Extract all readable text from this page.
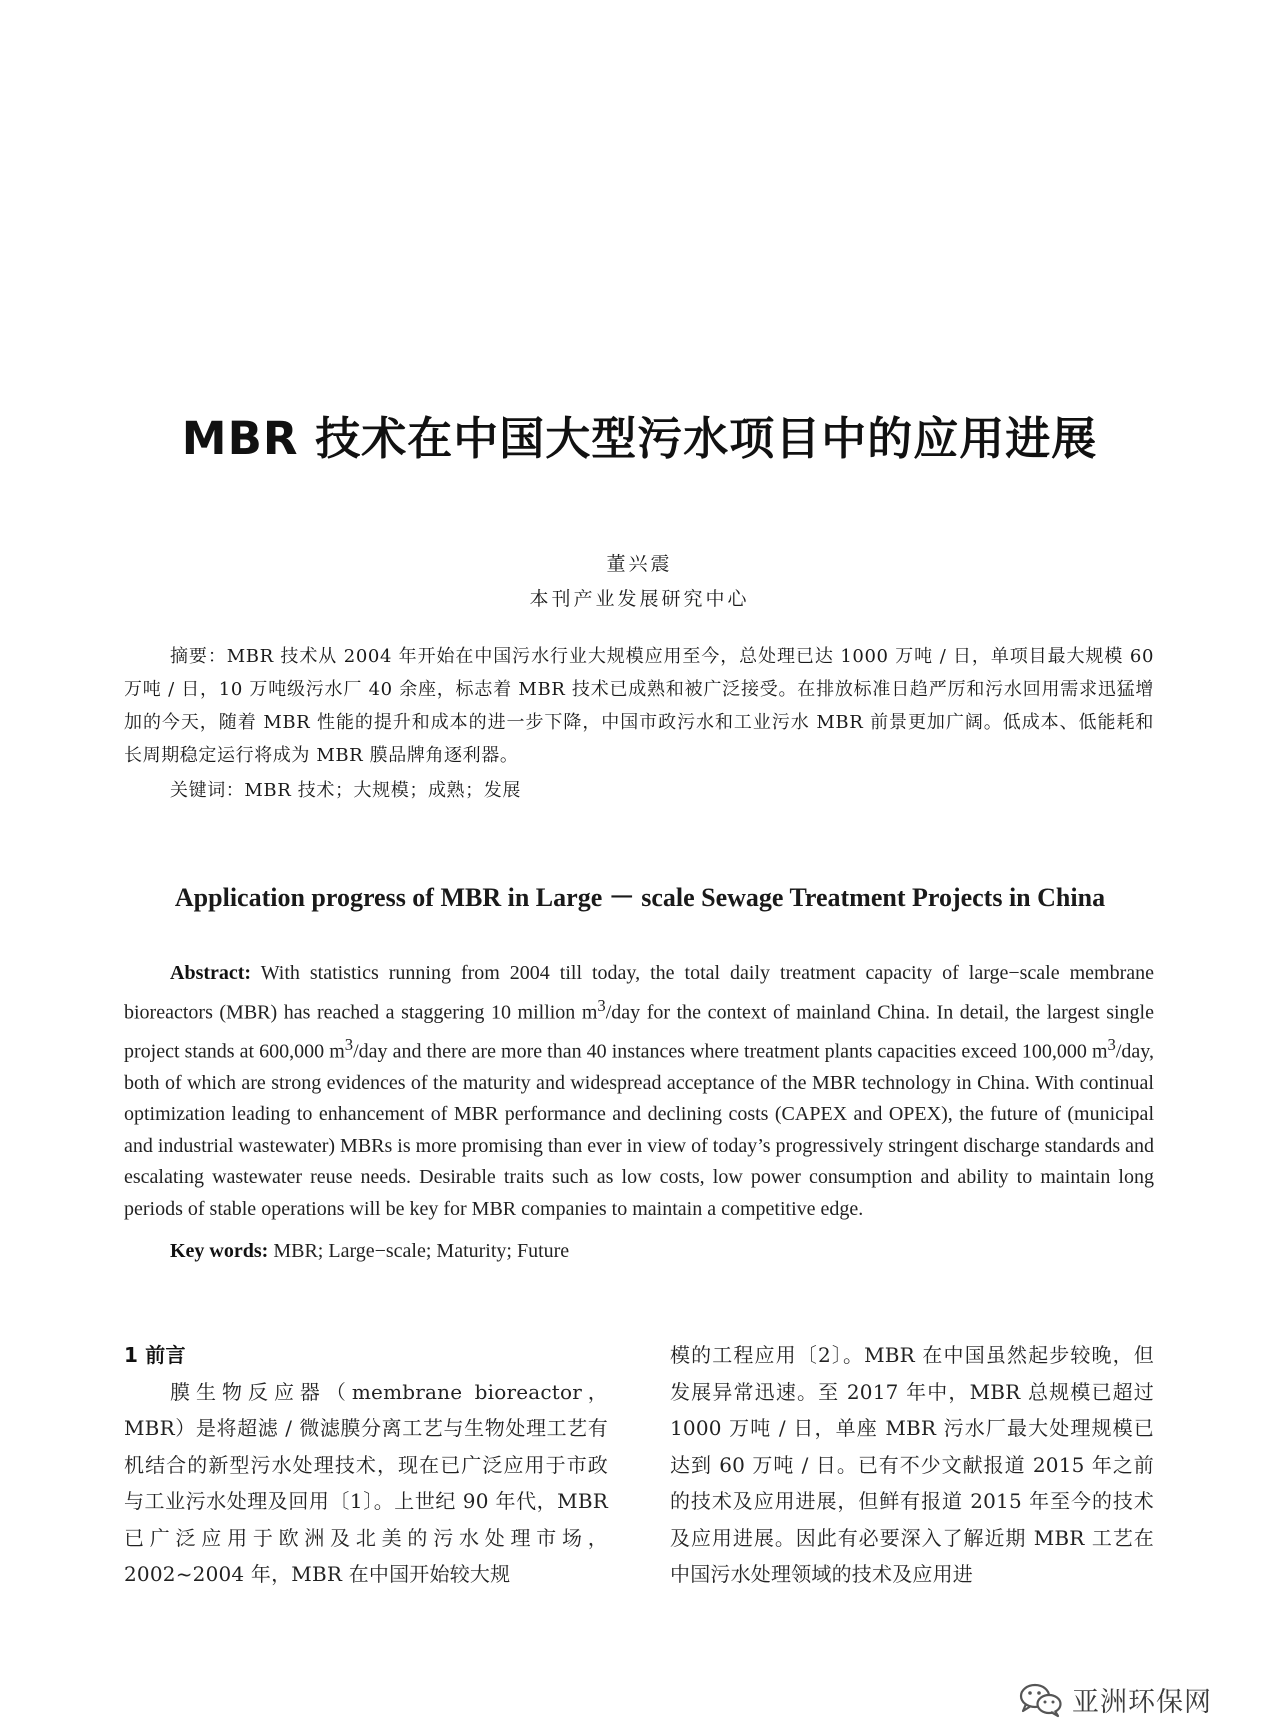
MBR 技术在中国大型污水项目中的应用进展

董兴震

本刊产业发展研究中心

摘要：MBR 技术从 2004 年开始在中国污水行业大规模应用至今，总处理已达 1000 万吨 / 日，单项目最大规模 60 万吨 / 日，10 万吨级污水厂 40 余座，标志着 MBR 技术已成熟和被广泛接受。在排放标准日趋严厉和污水回用需求迅猛增加的今天，随着 MBR 性能的提升和成本的进一步下降，中国市政污水和工业污水 MBR 前景更加广阔。低成本、低能耗和长周期稳定运行将成为 MBR 膜品牌角逐利器。

关键词：MBR 技术；大规模；成熟；发展

Application progress of MBR in Large － scale Sewage Treatment Projects in China

Abstract: With statistics running from 2004 till today, the total daily treatment capacity of large−scale membrane bioreactors (MBR) has reached a staggering 10 million $m^3$/day for the context of mainland China. In detail, the largest single project stands at 600,000 $m^3$/day and there are more than 40 instances where treatment plants capacities exceed 100,000 $m^3$/day, both of which are strong evidences of the maturity and widespread acceptance of the MBR technology in China. With continual optimization leading to enhancement of MBR performance and declining costs (CAPEX and OPEX), the future of (municipal and industrial wastewater) MBRs is more promising than ever in view of today’s progressively stringent discharge standards and escalating wastewater reuse needs. Desirable traits such as low costs, low power consumption and ability to maintain long periods of stable operations will be key for MBR companies to maintain a competitive edge.

Key words: MBR; Large−scale; Maturity; Future

1 前言

膜生物反应器（membrane bioreactor，MBR）是将超滤 / 微滤膜分离工艺与生物处理工艺有机结合的新型污水处理技术，现在已广泛应用于市政与工业污水处理及回用〔1〕。上世纪 90 年代，MBR 已广泛应用于欧洲及北美的污水处理市场，2002~2004 年，MBR 在中国开始较大规

模的工程应用〔2〕。MBR 在中国虽然起步较晚，但发展异常迅速。至 2017 年中，MBR 总规模已超过 1000 万吨 / 日，单座 MBR 污水厂最大处理规模已达到 60 万吨 / 日。已有不少文献报道 2015 年之前的技术及应用进展，但鲜有报道 2015 年至今的技术及应用进展。因此有必要深入了解近期 MBR 工艺在中国污水处理领域的技术及应用进

亚洲环保网
